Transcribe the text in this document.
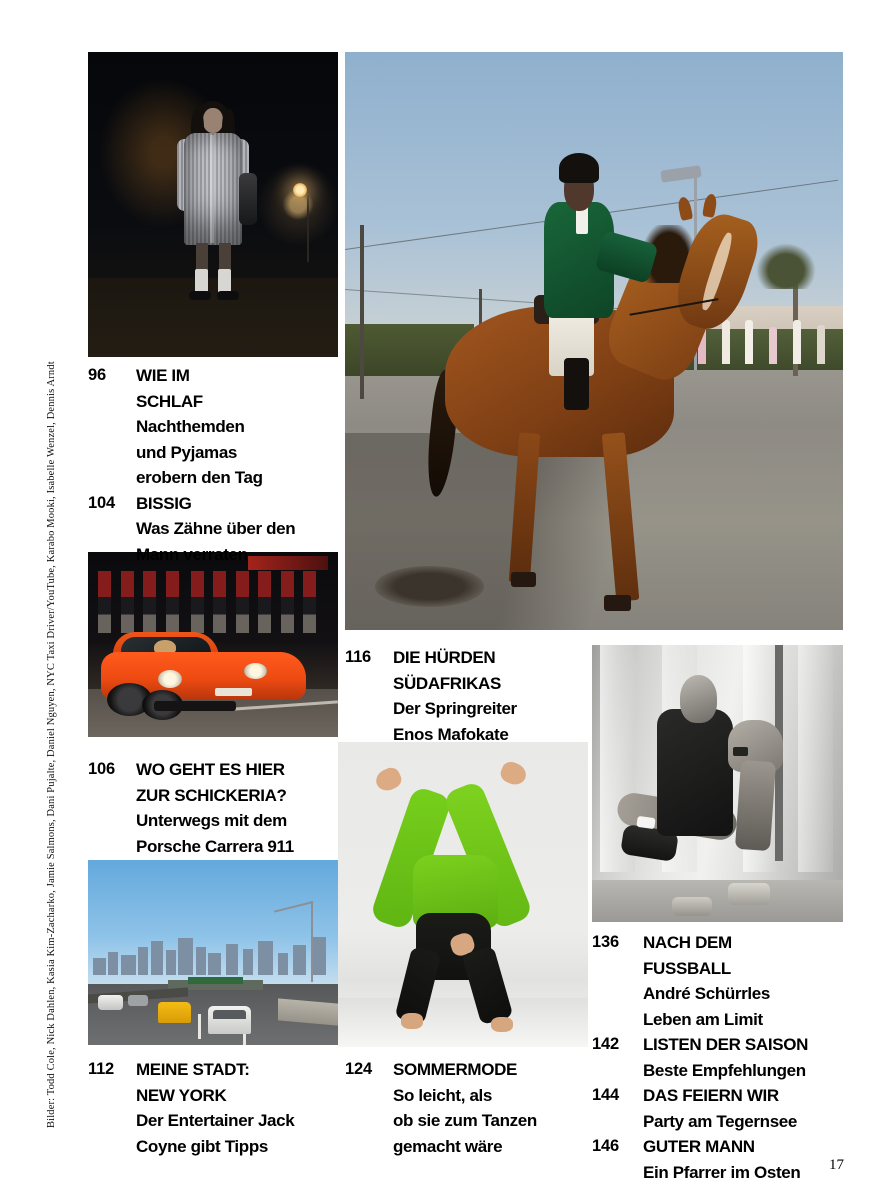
Bilder: Todd Cole, Nick Dahlen, Kasia Kim-Zacharko, Jamie Salmons, Dani Pujalte, Daniel Nguyen, NYC Taxi Driver/YouTube, Karabo Mooki, Isabelle Wenzel, Dennis Arndt 96	WIE IM
SCHLAF
Nachthemden
und Pyjamas
erobern den Tag
104	BISSIG
Was Zähne über den
Mann verraten
106	WO GEHT ES HIER
ZUR SCHICKERIA?
Unterwegs mit dem
Porsche Carrera 911
112	MEINE STADT:
NEW YORK
Der Entertainer Jack
Coyne gibt Tipps
116	DIE HÜRDEN
SÜDAFRIKAS
Der Springreiter
Enos Mafokate
124	SOMMERMODE
So leicht, als
ob sie zum Tanzen
gemacht wäre
136	NACH DEM
FUSSBALL
André Schürrles
Leben am Limit
142	LISTEN DER SAISON
Beste Empfehlungen
144	DAS FEIERN WIR
Party am Tegernsee
146	GUTER MANN
Ein Pfarrer im Osten 17
